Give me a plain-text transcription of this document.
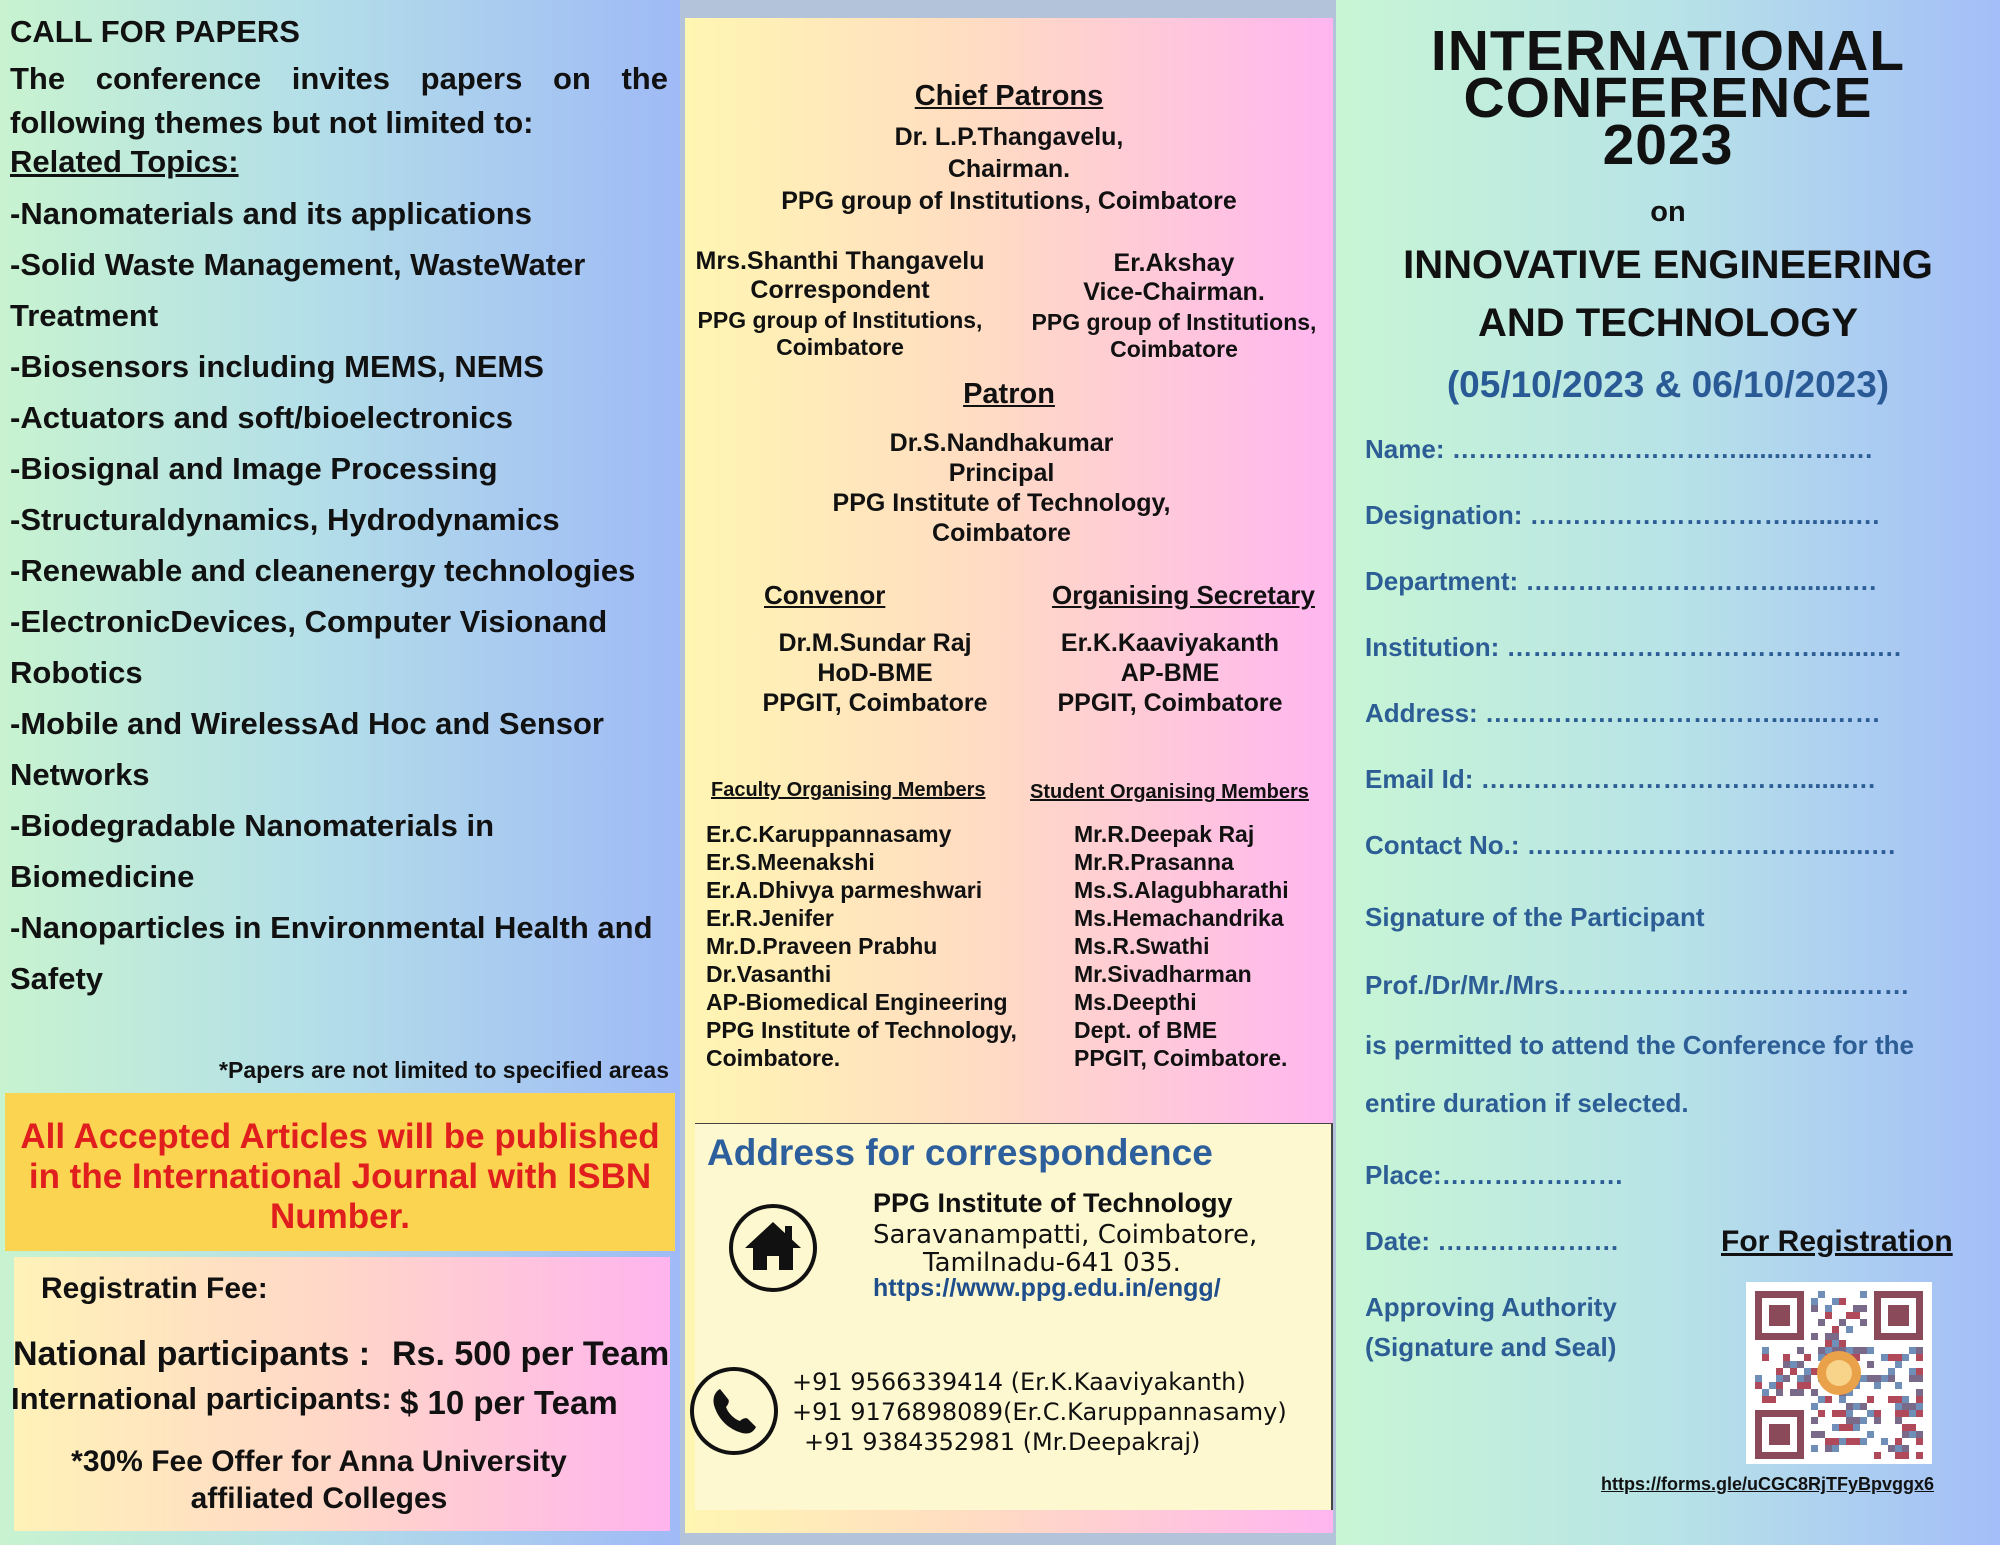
CALL FOR PAPERS
The conference invites papers on the following themes but not limited to:
Related Topics:
-Nanomaterials and its applications
-Solid Waste Management, WasteWater Treatment
-Biosensors including MEMS, NEMS
-Actuators and soft/bioelectronics
-Biosignal and Image Processing
-Structuraldynamics, Hydrodynamics
-Renewable and cleanenergy technologies
-ElectronicDevices, Computer Visionand Robotics
-Mobile and WirelessAd Hoc and Sensor Networks
-Biodegradable Nanomaterials in Biomedicine
-Nanoparticles in Environmental Health and Safety
*Papers are not limited to specified areas
All Accepted Articles will be published in the International Journal with ISBN Number.
Registratin Fee:
National participants : Rs. 500 per Team
International participants: $ 10 per Team
*30% Fee Offer for Anna University affiliated Colleges
Chief Patrons
Dr. L.P.Thangavelu,
Chairman.
PPG group of Institutions, Coimbatore
Mrs.Shanthi Thangavelu
Correspondent
PPG group of Institutions,
Coimbatore
Er.Akshay
Vice-Chairman.
PPG group of Institutions,
Coimbatore
Patron
Dr.S.Nandhakumar
Principal
PPG Institute of Technology,
Coimbatore
Convenor
Dr.M.Sundar Raj
HoD-BME
PPGIT, Coimbatore
Organising Secretary
Er.K.Kaaviyakanth
AP-BME
PPGIT, Coimbatore
Faculty Organising Members Student Organising Members
Er.C.Karuppannasamy
Er.S.Meenakshi
Er.A.Dhivya parmeshwari
Er.R.Jenifer
Mr.D.Praveen Prabhu
Dr.Vasanthi
AP-Biomedical Engineering
PPG Institute of Technology,
Coimbatore.
Mr.R.Deepak Raj
Mr.R.Prasanna
Ms.S.Alagubharathi
Ms.Hemachandrika
Ms.R.Swathi
Mr.Sivadharman
Ms.Deepthi
Dept. of BME
PPGIT, Coimbatore.
Address for correspondence
PPG Institute of Technology
Saravanampatti, Coimbatore,
Tamilnadu-641 035.
https://www.ppg.edu.in/engg/
+91 9566339414 (Er.K.Kaaviyakanth)
+91 9176898089(Er.C.Karuppannasamy)
+91 9384352981 (Mr.Deepakraj)
INTERNATIONAL
CONFERENCE
2023
on
INNOVATIVE ENGINEERING
AND TECHNOLOGY
(05/10/2023 & 06/10/2023)
Name: …………………………….......…….…
Designation: ………………………….........…
Department: …………………………........….
Institution: ………………………………........…
Address: ……………………………........……
Email Id: ………………………………........…
Contact No.: ……………………………........…
Signature of the Participant
Prof./Dr/Mr./Mrs.…………………...…….....……
is permitted to attend the Conference for the
entire duration if selected.
Place:…………………
Date: …………………
Approving Authority
(Signature and Seal)
For Registration
https://forms.gle/uCGC8RjTFyBpvggx6
